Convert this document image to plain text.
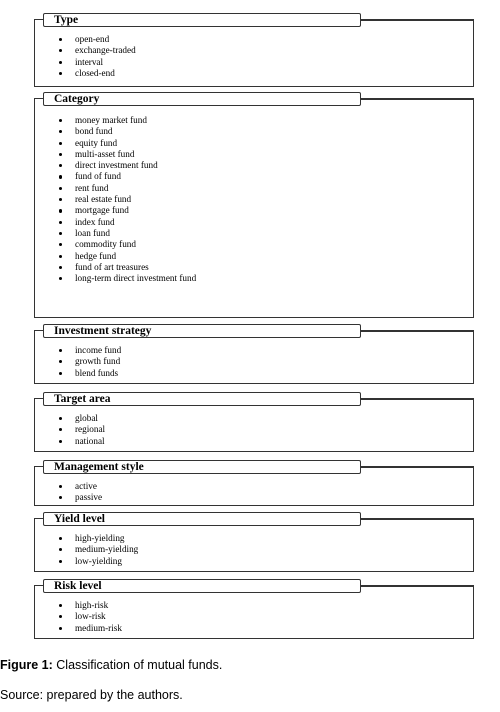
Type
open-end
exchange-traded
interval
closed-end
Category
money market fund
bond fund
equity fund
multi-asset fund
direct investment fund
fund of fund
rent fund
real estate fund
mortgage fund
index fund
loan fund
commodity fund
hedge fund
fund of art treasures
long-term direct investment fund
Investment strategy
income fund
growth fund
blend funds
Target area
global
regional
national
Management style
active
passive
Yield level
high-yielding
medium-yielding
low-yielding
Risk level
high-risk
low-risk
medium-risk
Figure 1: Classification of mutual funds.
Source: prepared by the authors.
